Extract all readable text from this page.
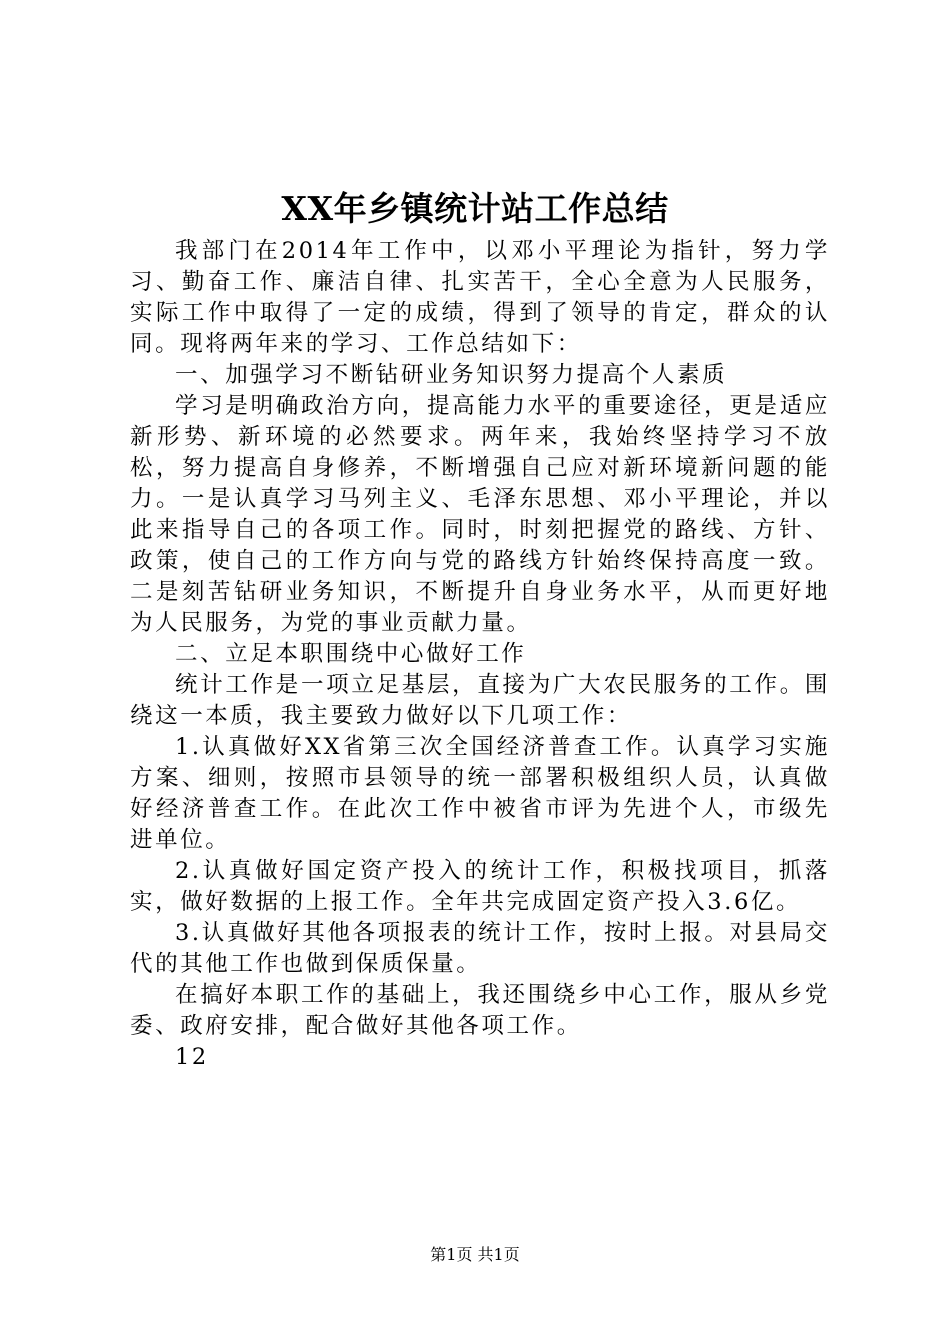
XX年乡镇统计站工作总结

我部门在2014年工作中，以邓小平理论为指针，努力学习、勤奋工作、廉洁自律、扎实苦干，全心全意为人民服务，实际工作中取得了一定的成绩，得到了领导的肯定，群众的认同。现将两年来的学习、工作总结如下：

一、加强学习不断钻研业务知识努力提高个人素质

学习是明确政治方向，提高能力水平的重要途径，更是适应新形势、新环境的必然要求。两年来，我始终坚持学习不放松，努力提高自身修养，不断增强自己应对新环境新问题的能力。一是认真学习马列主义、毛泽东思想、邓小平理论，并以此来指导自己的各项工作。同时，时刻把握党的路线、方针、政策，使自己的工作方向与党的路线方针始终保持高度一致。二是刻苦钻研业务知识，不断提升自身业务水平，从而更好地为人民服务，为党的事业贡献力量。

二、立足本职围绕中心做好工作

统计工作是一项立足基层，直接为广大农民服务的工作。围绕这一本质，我主要致力做好以下几项工作：

1.认真做好XX省第三次全国经济普查工作。认真学习实施方案、细则，按照市县领导的统一部署积极组织人员，认真做好经济普查工作。在此次工作中被省市评为先进个人，市级先进单位。

2.认真做好国定资产投入的统计工作，积极找项目，抓落实，做好数据的上报工作。全年共完成固定资产投入3.6亿。

3.认真做好其他各项报表的统计工作，按时上报。对县局交代的其他工作也做到保质保量。

在搞好本职工作的基础上，我还围绕乡中心工作，服从乡党委、政府安排，配合做好其他各项工作。

12

第1页 共1页
